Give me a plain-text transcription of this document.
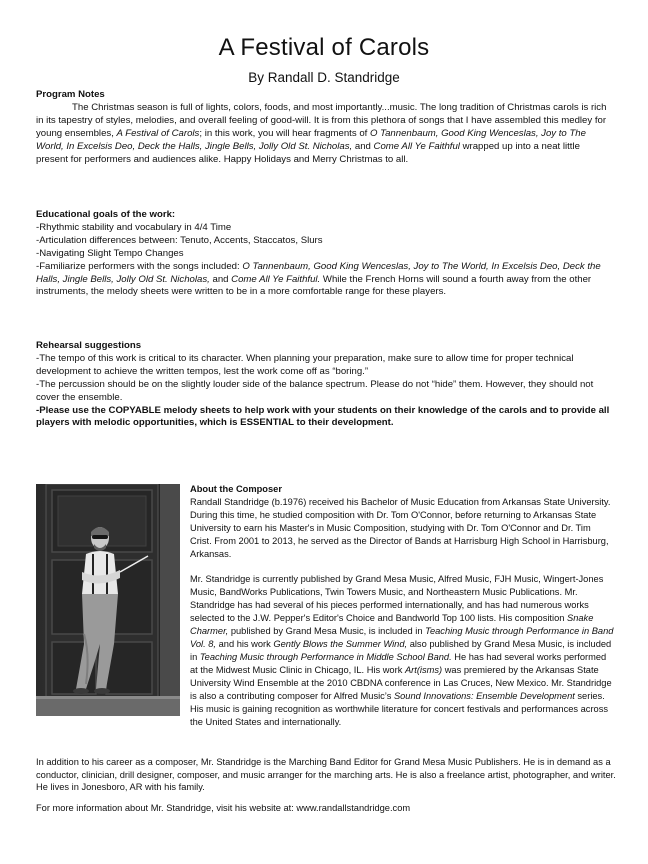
A Festival of Carols
By Randall D. Standridge

Program Notes

The Christmas season is full of lights, colors, foods, and most importantly...music. The long tradition of Christmas carols is rich in its tapestry of styles, melodies, and overall feeling of good-will. It is from this plethora of songs that I have assembled this medley for young ensembles, A Festival of Carols; in this work, you will hear fragments of O Tannenbaum, Good King Wenceslas, Joy to The World, In Excelsis Deo, Deck the Halls, Jingle Bells, Jolly Old St. Nicholas, and Come All Ye Faithful wrapped up into a neat little present for performers and audiences alike. Happy Holidays and Merry Christmas to all.

Educational goals of the work:

-Rhythmic stability and vocabulary in 4/4 Time

-Articulation differences between: Tenuto, Accents, Staccatos, Slurs

-Navigating Slight Tempo Changes

-Familiarize performers with the songs included: O Tannenbaum, Good King Wenceslas, Joy to The World, In Excelsis Deo, Deck the Halls, Jingle Bells, Jolly Old St. Nicholas, and Come All Ye Faithful. While the French Horns will sound a fourth away from the other instruments, the melody sheets were written to be in a more comfortable range for these players.

Rehearsal suggestions

-The tempo of this work is critical to its character. When planning your preparation, make sure to allow time for proper technical development to achieve the written tempos, lest the work come off as “boring.”

-The percussion should be on the slightly louder side of the balance spectrum. Please do not “hide” them. However, they should not cover the ensemble.

-Please use the COPYABLE melody sheets to help work with your students on their knowledge of the carols and to provide all players with melodic opportunities, which is ESSENTIAL to their development.

About the Composer

Randall Standridge (b.1976) received his Bachelor of Music Education from Arkansas State University. During this time, he studied composition with Dr. Tom O'Connor, before returning to Arkansas State University to earn his Master's in Music Composition, studying with Dr. Tom O'Connor and Dr. Tim Crist. From 2001 to 2013, he served as the Director of Bands at Harrisburg High School in Harrisburg, Arkansas.

Mr. Standridge is currently published by Grand Mesa Music, Alfred Music, FJH Music, Wingert-Jones Music, BandWorks Publications, Twin Towers Music, and Northeastern Music Publications. Mr. Standridge has had several of his pieces performed internationally, and has had numerous works selected to the J.W. Pepper's Editor's Choice and Bandworld Top 100 lists. His composition Snake Charmer, published by Grand Mesa Music, is included in Teaching Music through Performance in Band Vol. 8, and his work Gently Blows the Summer Wind, also published by Grand Mesa Music, is included in Teaching Music through Performance in Middle School Band. He has had several works performed at the Midwest Music Clinic in Chicago, IL. His work Art(isms) was premiered by the Arkansas State University Wind Ensemble at the 2010 CBDNA conference in Las Cruces, New Mexico. Mr. Standridge is also a contributing composer for Alfred Music’s Sound Innovations: Ensemble Development series. His music is gaining recognition as worthwhile literature for concert festivals and performances across the United States and internationally.

In addition to his career as a composer, Mr. Standridge is the Marching Band Editor for Grand Mesa Music Publishers. He is in demand as a conductor, clinician, drill designer, composer, and music arranger for the marching arts. He is also a freelance artist, photographer, and writer. He lives in Jonesboro, AR with his family.

For more information about Mr. Standridge, visit his website at: www.randallstandridge.com
